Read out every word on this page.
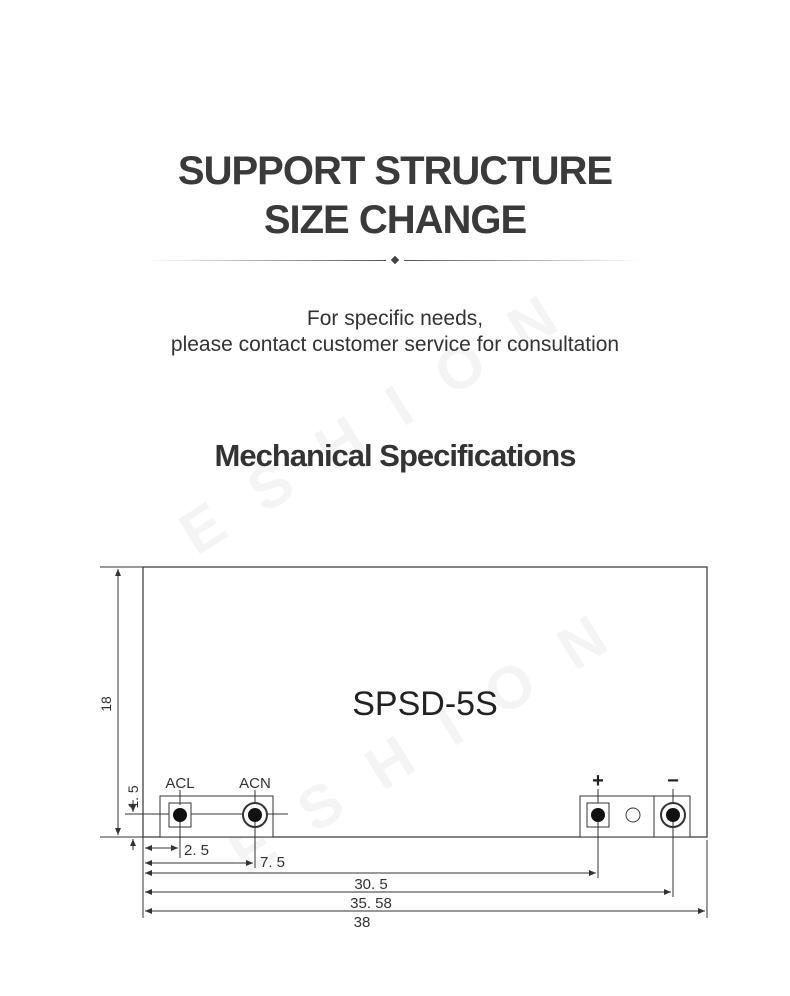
SUPPORT STRUCTURE
SIZE CHANGE
For specific needs,
please contact customer service for consultation
Mechanical Specifications
SPSD-5S
18
1. 5
ACL	ACN	+	−
2. 5
7. 5
30. 5
35. 58
38
